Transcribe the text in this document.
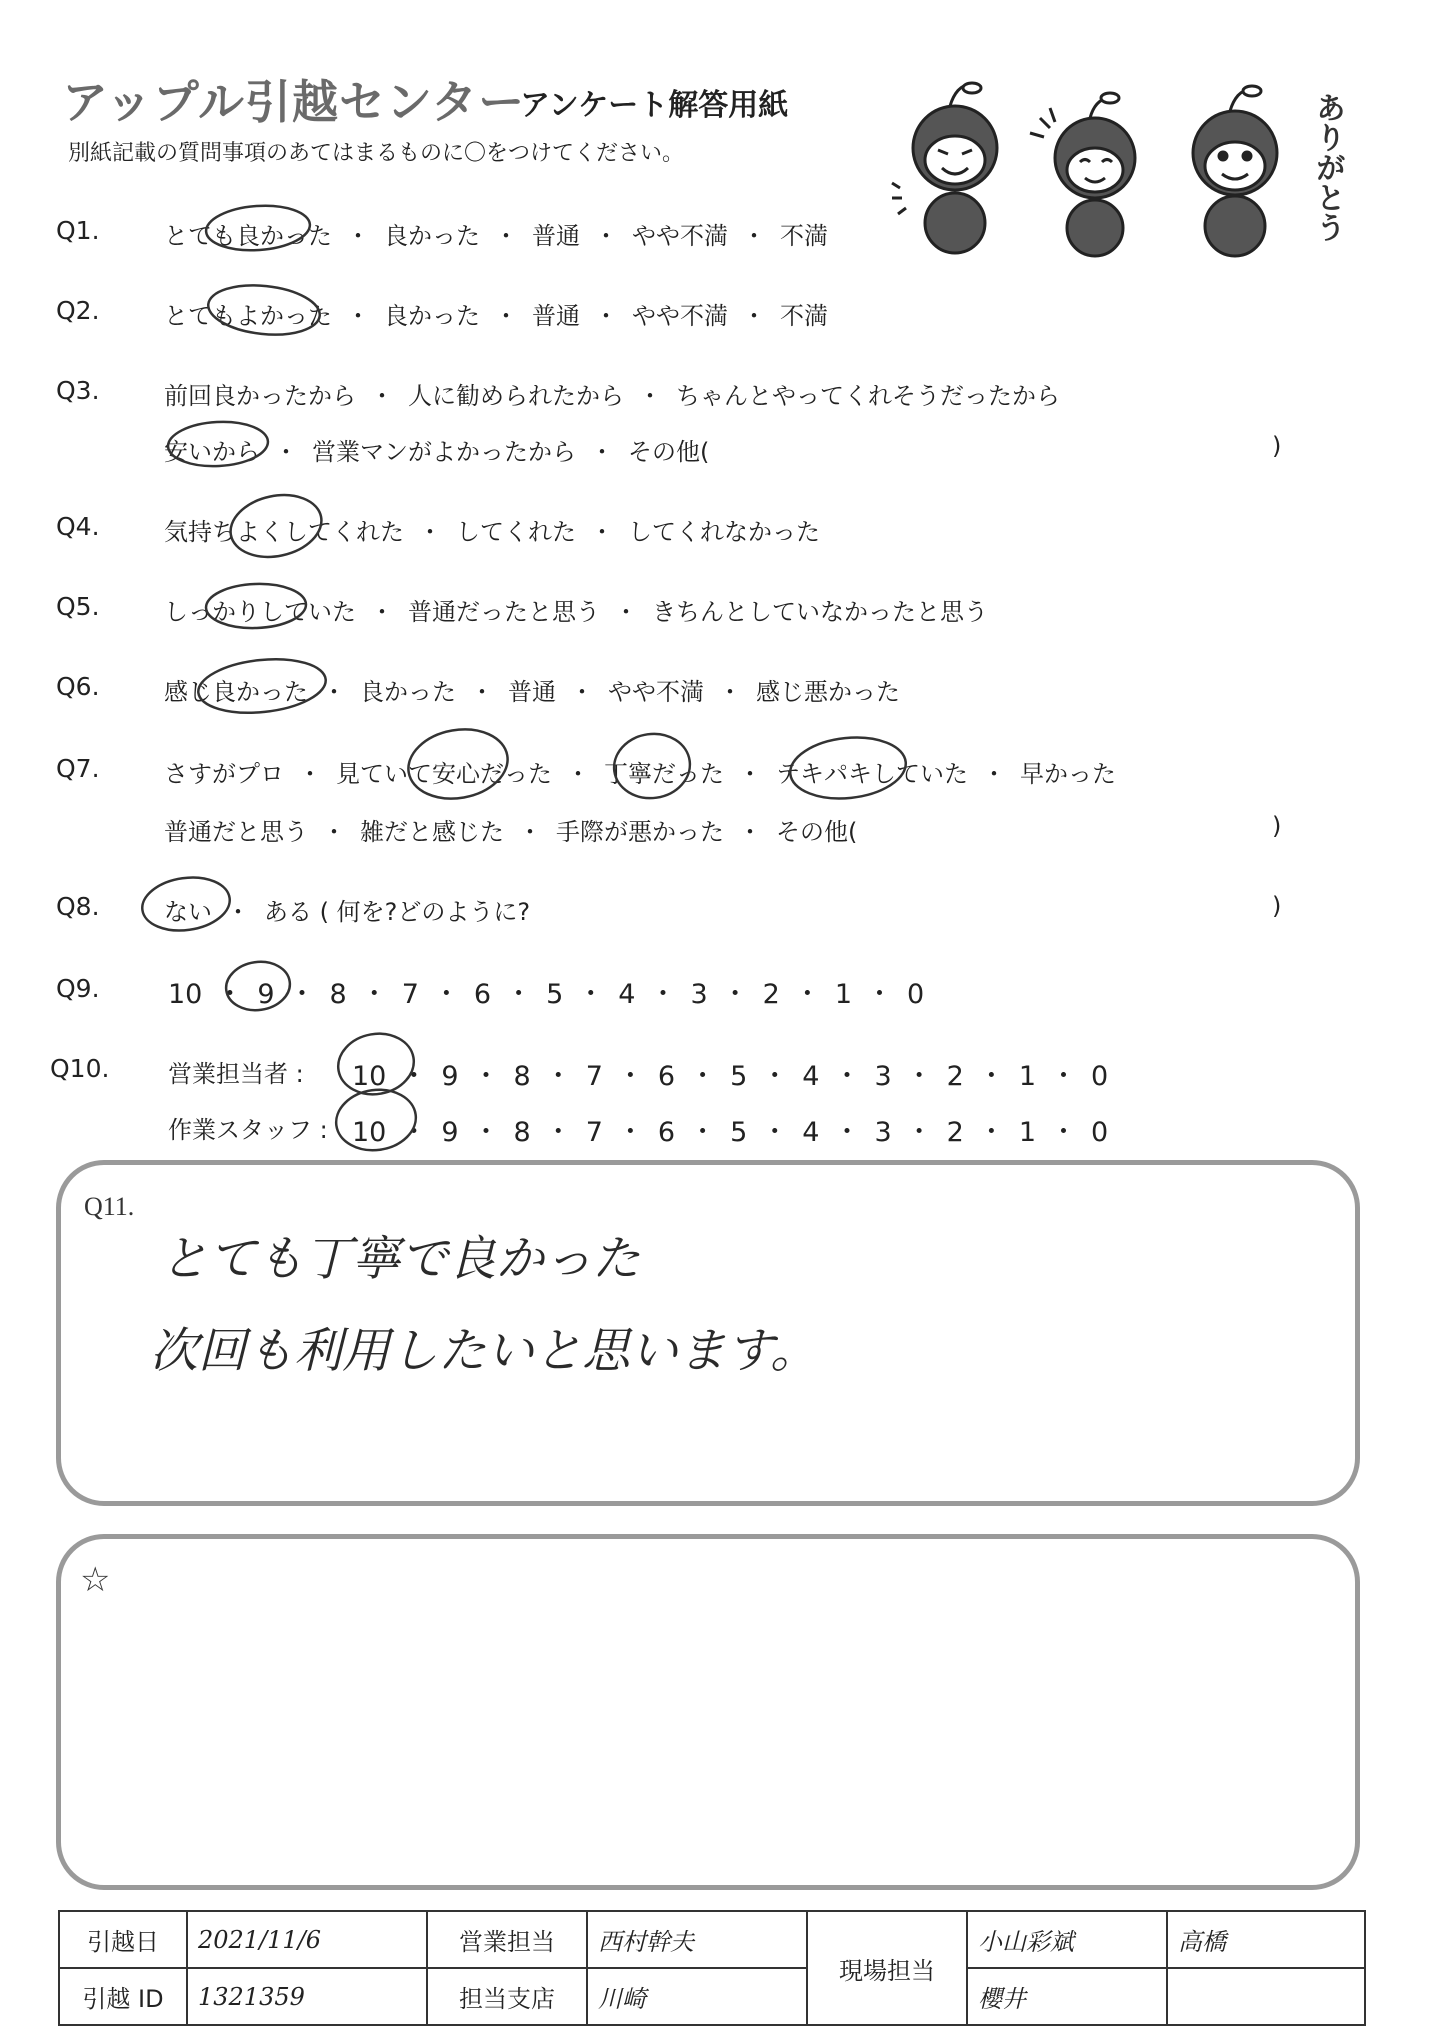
アップル引越センター
アンケート解答用紙
別紙記載の質問事項のあてはまるものに〇をつけてください。	ありがとう
Q1.	とても良かった ・ 良かった ・ 普通 ・ やや不満 ・ 不満
Q2.	とてもよかった ・ 良かった ・ 普通 ・ やや不満 ・ 不満
Q3.	前回良かったから ・ 人に勧められたから ・ ちゃんとやってくれそうだったから
安いから ・ 営業マンがよかったから ・ その他(	)
Q4.	気持ちよくしてくれた ・ してくれた ・ してくれなかった
Q5.	しっかりしていた ・ 普通だったと思う ・ きちんとしていなかったと思う
Q6.	感じ良かった ・ 良かった ・ 普通 ・ やや不満 ・ 感じ悪かった
Q7.	さすがプロ ・ 見ていて安心だった ・ 丁寧だった ・ テキパキしていた ・ 早かった
普通だと思う ・ 雑だと感じた ・ 手際が悪かった ・ その他(	)
Q8.	ない ・ ある ( 何を?どのように?	)
Q9.	10 ・ 9 ・ 8 ・ 7 ・ 6 ・ 5 ・ 4 ・ 3 ・ 2 ・ 1 ・ 0
Q10. 営業担当者 : 10 ・ 9 ・ 8 ・ 7 ・ 6 ・ 5 ・ 4 ・ 3 ・ 2 ・ 1 ・ 0
作業スタッフ : 10 ・ 9 ・ 8 ・ 7 ・ 6 ・ 5 ・ 4 ・ 3 ・ 2 ・ 1 ・ 0
Q11.
とても丁寧で良かった
次回も利用したいと思います。
☆
引越日	2021/11/6	営業担当	西村幹夫	現場担当	小山彩斌	高橋
引越 ID	1321359	担当支店	川崎		櫻井	
